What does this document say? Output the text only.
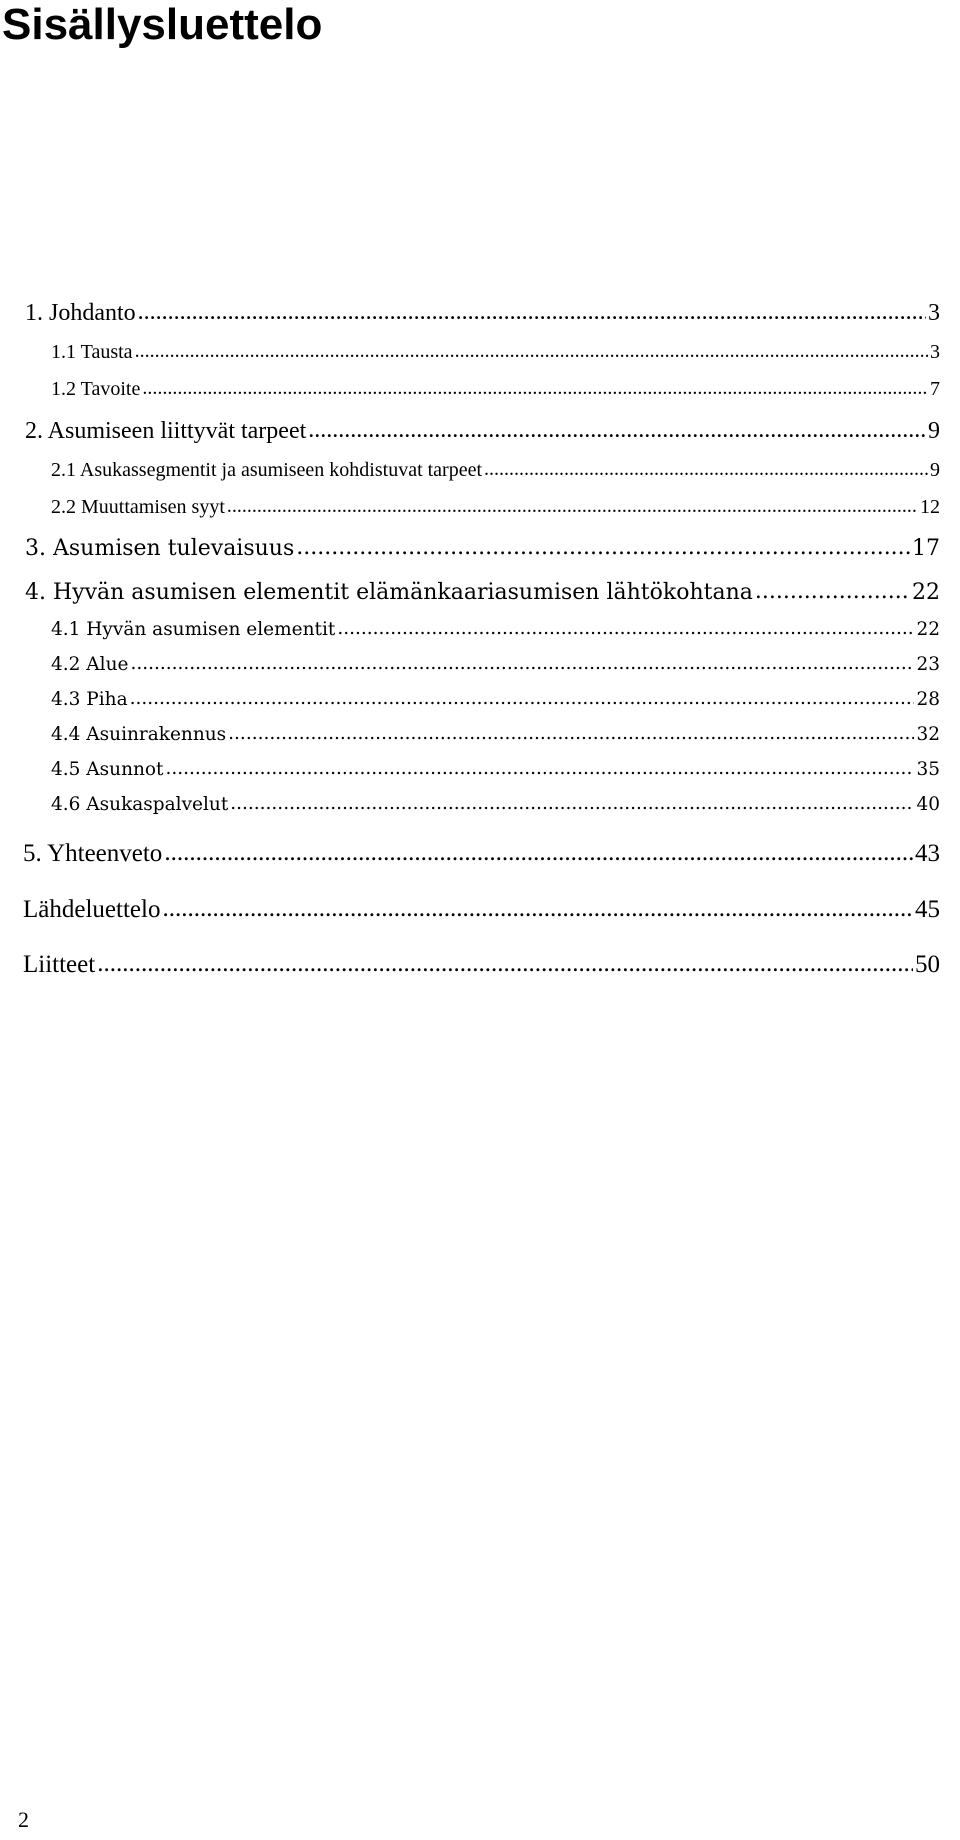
Sisällysluettelo
1. Johdanto .....	3
1.1 Tausta .....	3
1.2 Tavoite .....	7
2. Asumiseen liittyvät tarpeet .....	9
2.1 Asukassegmentit ja asumiseen kohdistuvat tarpeet .....	9
2.2 Muuttamisen syyt .....	12
3. Asumisen tulevaisuus .....	17
4. Hyvän asumisen elementit elämänkaariasumisen lähtökohtana .....	22
4.1 Hyvän asumisen elementit .....	22
4.2 Alue .....	23
4.3 Piha .....	28
4.4 Asuinrakennus .....	32
4.5 Asunnot .....	35
4.6 Asukaspalvelut .....	40
5. Yhteenveto .....	43
Lähdeluettelo .....	45
Liitteet .....	50

2
